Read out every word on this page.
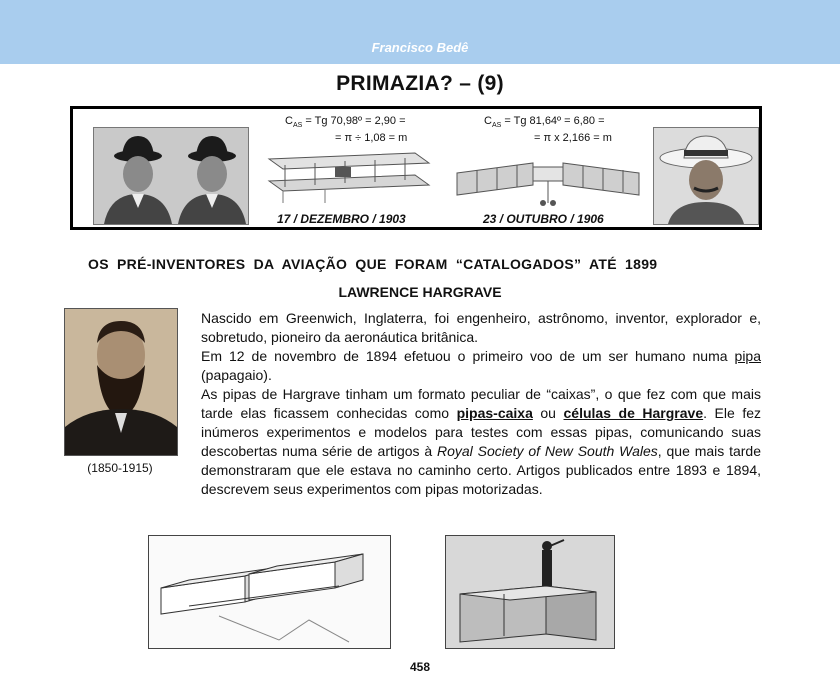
Francisco Bedê
PRIMAZIA? – (9)
$C_{AS} = Tg$ 70,98º = 2,90 =
= π ÷ 1,08 = m
17 / DEZEMBRO / 1903
$C_{AS} = Tg$ 81,64º = 6,80 =
= π x 2,166 = m
23 / OUTUBRO / 1906
OS PRÉ-INVENTORES DA AVIAÇÃO QUE FORAM “CATALOGADOS” ATÉ 1899
LAWRENCE HARGRAVE
(1850-1915)

Nascido em Greenwich, Inglaterra, foi engenheiro, astrônomo, inventor, explorador e, sobretudo, pioneiro da aeronáutica britânica.

Em 12 de novembro de 1894 efetuou o primeiro voo de um ser humano numa pipa (papagaio).

As pipas de Hargrave tinham um formato peculiar de “caixas”, o que fez com que mais tarde elas ficassem conhecidas como pipas-caixa ou células de Hargrave. Ele fez inúmeros experimentos e modelos para testes com essas pipas, comunicando suas descobertas numa série de artigos à Royal Society of New South Wales, que mais tarde demonstraram que ele estava no caminho certo. Artigos publicados entre 1893 e 1894, descrevem seus experimentos com pipas motorizadas.

458
